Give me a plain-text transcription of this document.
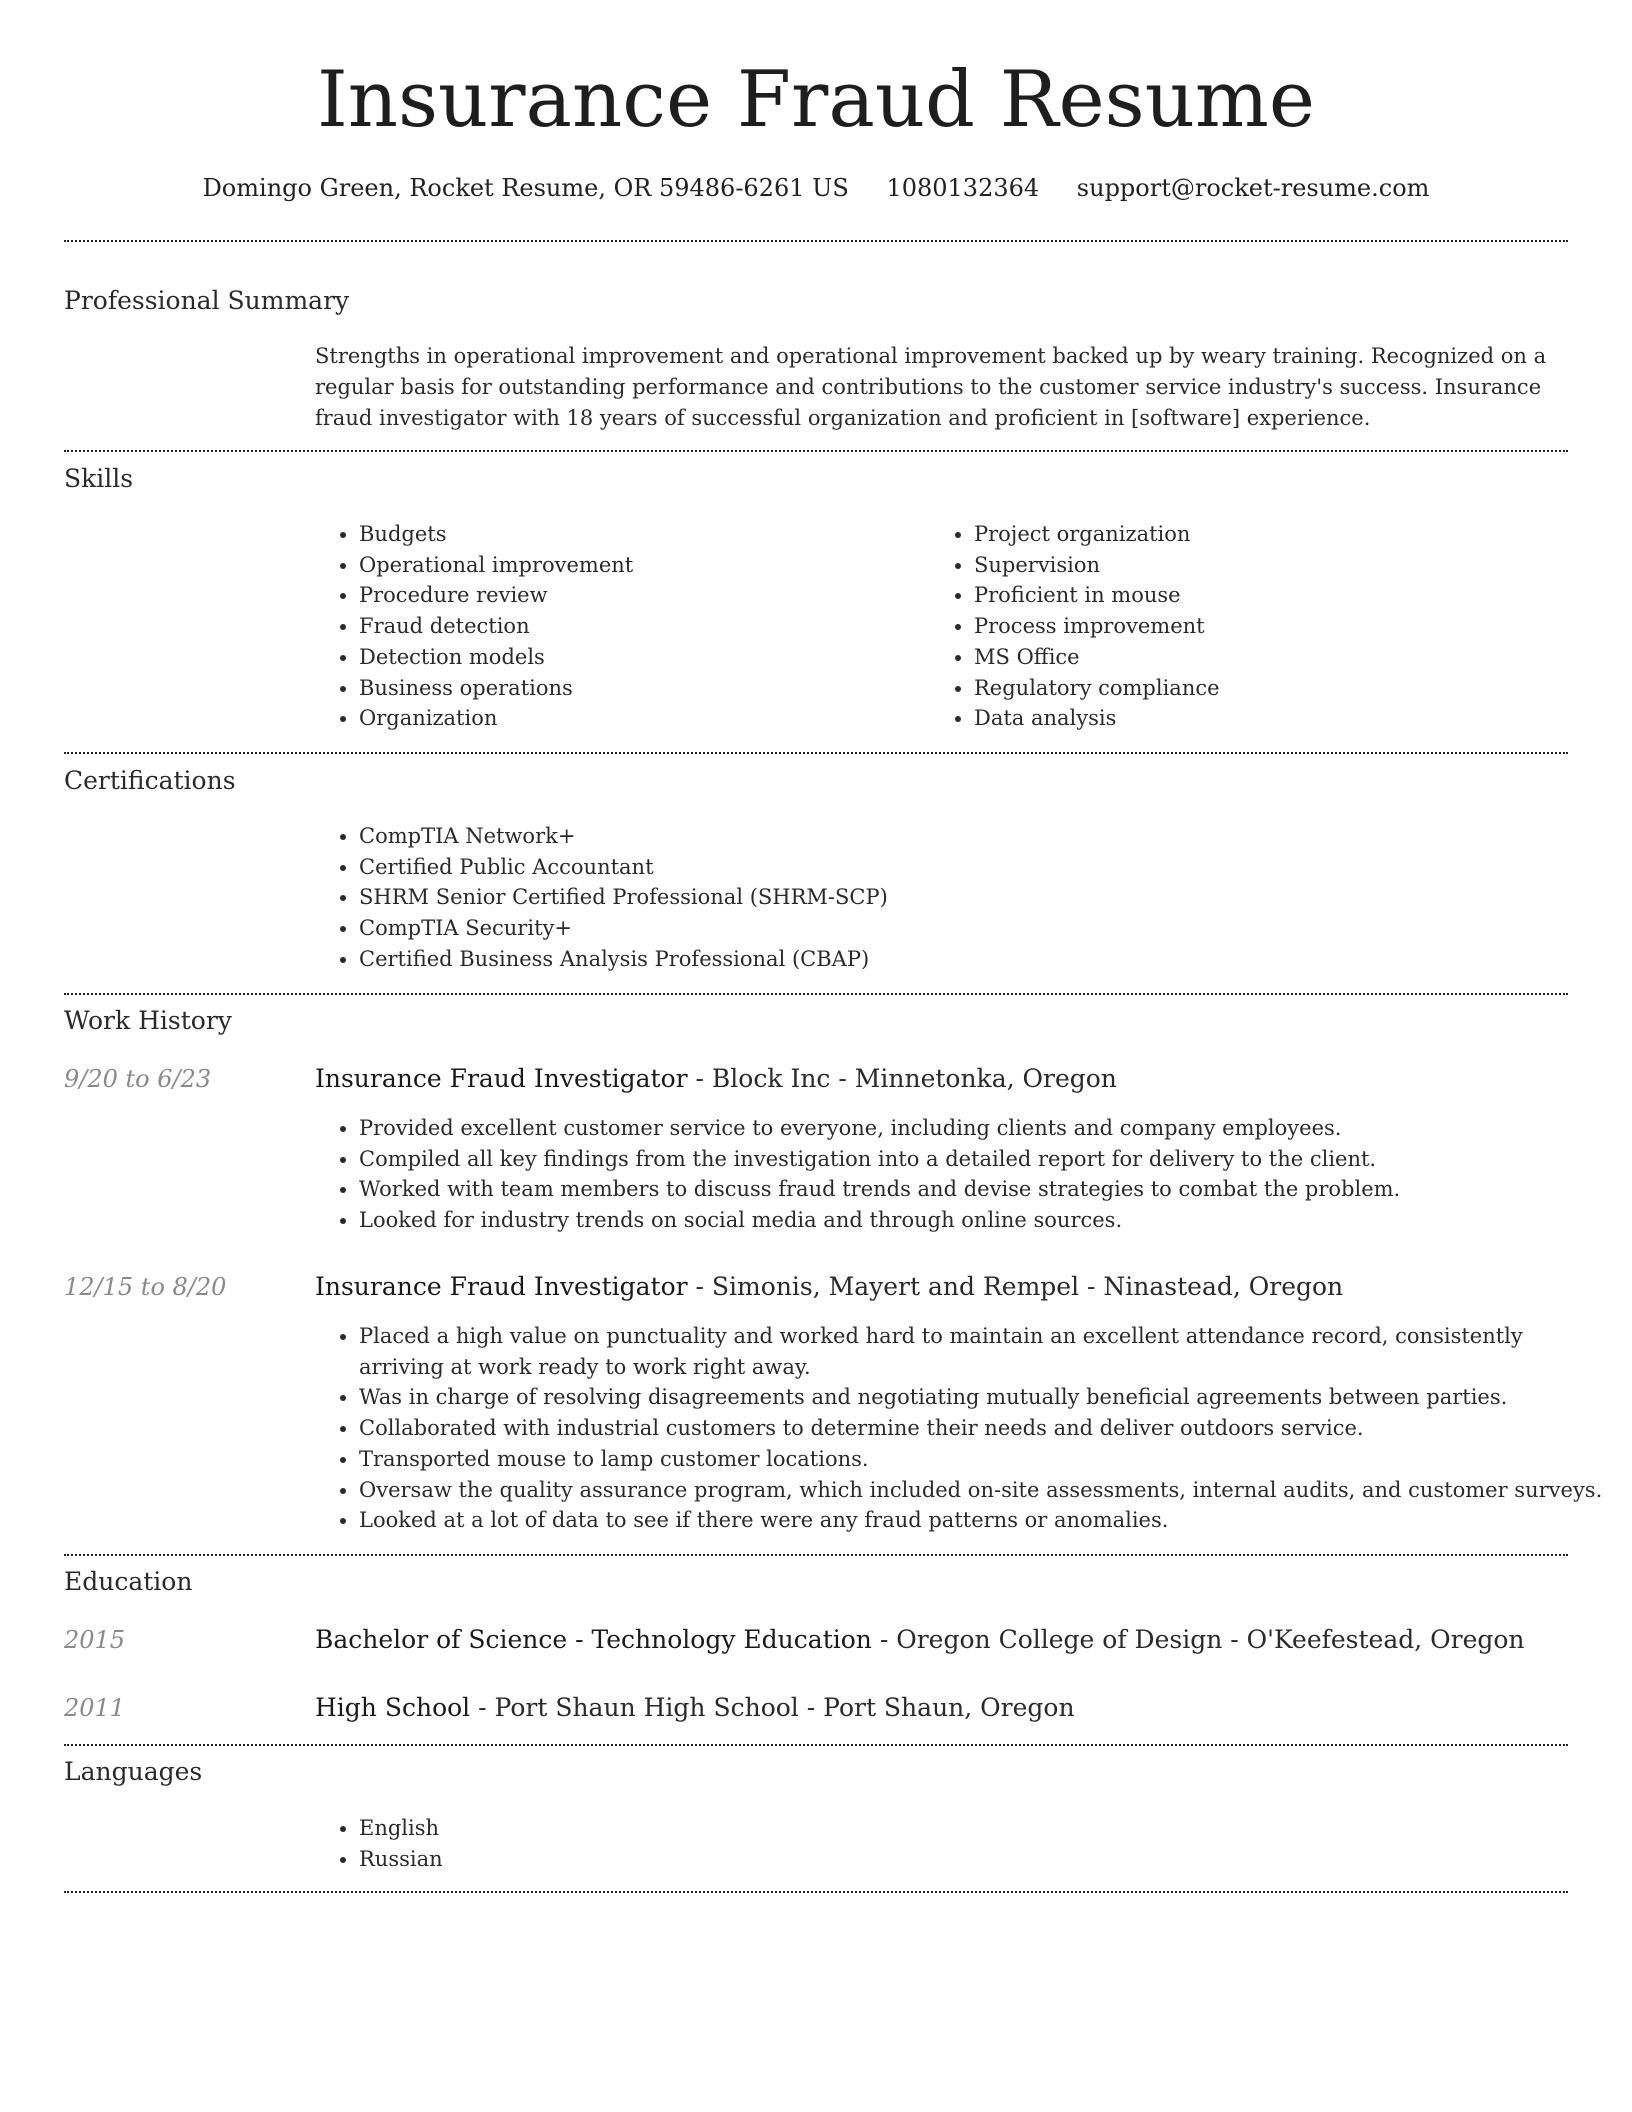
Insurance Fraud Resume
Domingo Green, Rocket Resume, OR 59486-6261 US 1080132364 support@rocket-resume.com
Professional Summary
Strengths in operational improvement and operational improvement backed up by weary training. Recognized on a regular basis for outstanding performance and contributions to the customer service industry's success. Insurance fraud investigator with 18 years of successful organization and proficient in [software] experience.
Skills
• Budgets
• Operational improvement
• Procedure review
• Fraud detection
• Detection models
• Business operations
• Organization
• Project organization
• Supervision
• Proficient in mouse
• Process improvement
• MS Office
• Regulatory compliance
• Data analysis
Certifications
• CompTIA Network+
• Certified Public Accountant
• SHRM Senior Certified Professional (SHRM-SCP)
• CompTIA Security+
• Certified Business Analysis Professional (CBAP)
Work History
9/20 to 6/23	Insurance Fraud Investigator - Block Inc - Minnetonka, Oregon
• Provided excellent customer service to everyone, including clients and company employees.
• Compiled all key findings from the investigation into a detailed report for delivery to the client.
• Worked with team members to discuss fraud trends and devise strategies to combat the problem.
• Looked for industry trends on social media and through online sources.
12/15 to 8/20	Insurance Fraud Investigator - Simonis, Mayert and Rempel - Ninastead, Oregon
• Placed a high value on punctuality and worked hard to maintain an excellent attendance record, consistently arriving at work ready to work right away.
• Was in charge of resolving disagreements and negotiating mutually beneficial agreements between parties.
• Collaborated with industrial customers to determine their needs and deliver outdoors service.
• Transported mouse to lamp customer locations.
• Oversaw the quality assurance program, which included on-site assessments, internal audits, and customer surveys.
• Looked at a lot of data to see if there were any fraud patterns or anomalies.
Education
2015	Bachelor of Science - Technology Education - Oregon College of Design - O'Keefestead, Oregon
2011	High School - Port Shaun High School - Port Shaun, Oregon
Languages
• English
• Russian
